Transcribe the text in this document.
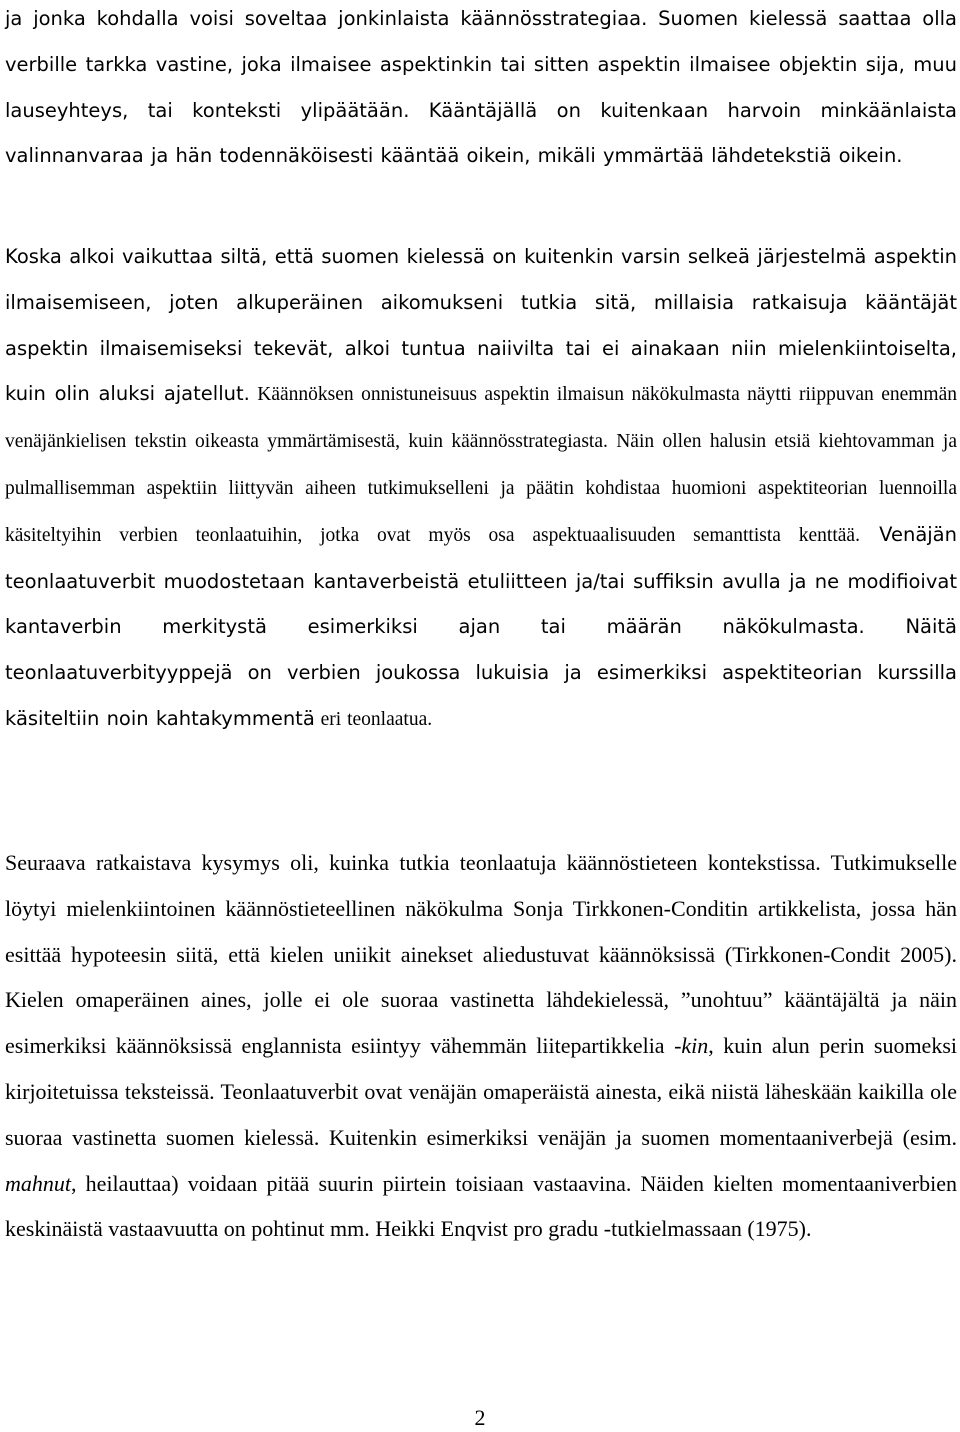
ja jonka kohdalla voisi soveltaa jonkinlaista käännösstrategiaa. Suomen kielessä saattaa olla verbille tarkka vastine, joka ilmaisee aspektinkin tai sitten aspektin ilmaisee objektin sija, muu lauseyhteys, tai konteksti ylipäätään. Kääntäjällä on kuitenkaan harvoin minkäänlaista valinnanvaraa ja hän todennäköisesti kääntää oikein, mikäli ymmärtää lähdetekstiä oikein.

Koska alkoi vaikuttaa siltä, että suomen kielessä on kuitenkin varsin selkeä järjestelmä aspektin ilmaisemiseen, joten alkuperäinen aikomukseni tutkia sitä, millaisia ratkaisuja kääntäjät aspektin ilmaisemiseksi tekevät, alkoi tuntua naiivilta tai ei ainakaan niin mielenkiintoiselta, kuin olin aluksi ajatellut. Käännöksen onnistuneisuus aspektin ilmaisun näkökulmasta näytti riippuvan enemmän venäjänkielisen tekstin oikeasta ymmärtämisestä, kuin käännösstrategiasta. Näin ollen halusin etsiä kiehtovamman ja pulmallisemman aspektiin liittyvän aiheen tutkimukselleni ja päätin kohdistaa huomioni aspektiteorian luennoilla käsiteltyihin verbien teonlaatuihin, jotka ovat myös osa aspektuaalisuuden semanttista kenttää. Venäjän teonlaatuverbit muodostetaan kantaverbeistä etuliitteen ja/tai suffiksin avulla ja ne modifioivat kantaverbin merkitystä esimerkiksi ajan tai määrän näkökulmasta. Näitä teonlaatuverbityyppejä on verbien joukossa lukuisia ja esimerkiksi aspektiteorian kurssilla käsiteltiin noin kahtakymmentä eri teonlaatua.

Seuraava ratkaistava kysymys oli, kuinka tutkia teonlaatuja käännöstieteen kontekstissa. Tutkimukselle löytyi mielenkiintoinen käännöstieteellinen näkökulma Sonja Tirkkonen-Conditin artikkelista, jossa hän esittää hypoteesin siitä, että kielen uniikit ainekset aliedustuvat käännöksissä (Tirkkonen-Condit 2005). Kielen omaperäinen aines, jolle ei ole suoraa vastinetta lähdekielessä, ”unohtuu” kääntäjältä ja näin esimerkiksi käännöksissä englannista esiintyy vähemmän liitepartikkelia -kin, kuin alun perin suomeksi kirjoitetuissa teksteissä. Teonlaatuverbit ovat venäjän omaperäistä ainesta, eikä niistä läheskään kaikilla ole suoraa vastinetta suomen kielessä. Kuitenkin esimerkiksi venäjän ja suomen momentaaniverbejä (esim. mahnut, heilauttaa) voidaan pitää suurin piirtein toisiaan vastaavina. Näiden kielten momentaaniverbien keskinäistä vastaavuutta on pohtinut mm. Heikki Enqvist pro gradu -tutkielmassaan (1975).

2
